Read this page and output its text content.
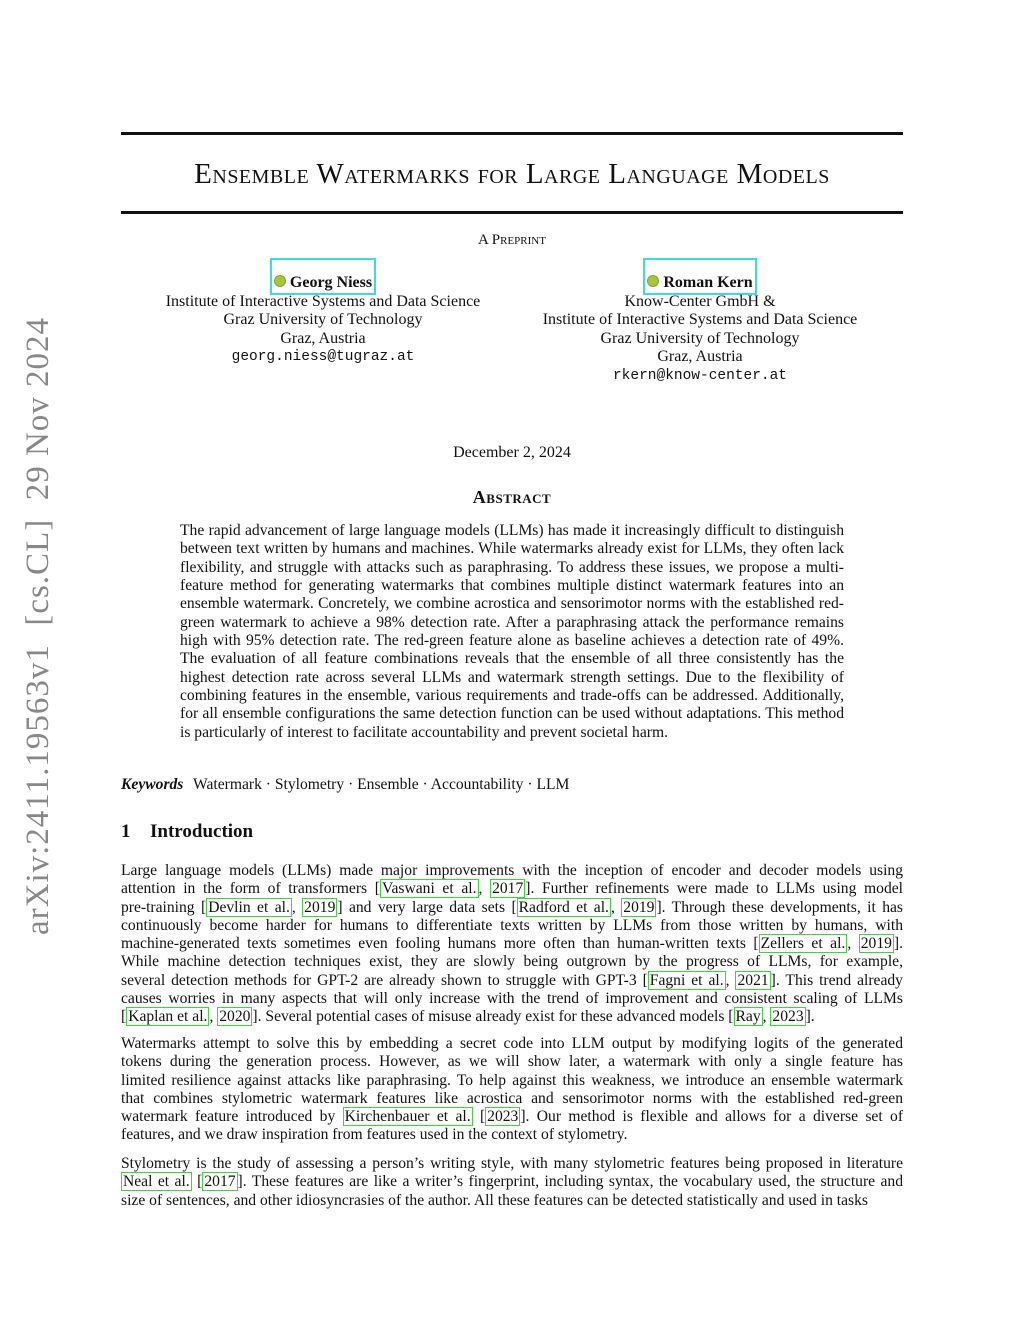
arXiv:2411.19563v1  [cs.CL]  29 Nov 2024
Ensemble Watermarks for Large Language Models
A Preprint
Georg Niess
Institute of Interactive Systems and Data Science
Graz University of Technology
Graz, Austria
georg.niess@tugraz.at
Roman Kern
Know-Center GmbH &
Institute of Interactive Systems and Data Science
Graz University of Technology
Graz, Austria
rkern@know-center.at
December 2, 2024
Abstract
The rapid advancement of large language models (LLMs) has made it increasingly difficult to distinguish between text written by humans and machines. While watermarks already exist for LLMs, they often lack flexibility, and struggle with attacks such as paraphrasing. To address these issues, we propose a multi-feature method for generating watermarks that combines multiple distinct watermark features into an ensemble watermark. Concretely, we combine acrostica and sensorimotor norms with the established red-green watermark to achieve a 98% detection rate. After a paraphrasing attack the performance remains high with 95% detection rate. The red-green feature alone as baseline achieves a detection rate of 49%. The evaluation of all feature combinations reveals that the ensemble of all three consistently has the highest detection rate across several LLMs and watermark strength settings. Due to the flexibility of combining features in the ensemble, various requirements and trade-offs can be addressed. Additionally, for all ensemble configurations the same detection function can be used without adaptations. This method is particularly of interest to facilitate accountability and prevent societal harm.
Keywords Watermark · Stylometry · Ensemble · Accountability · LLM
1 Introduction
Large language models (LLMs) made major improvements with the inception of encoder and decoder models using
attention in the form of transformers [ Vaswani et al. , 2017 ]. Further refinements were made to LLMs using model
pre-training [ Devlin et al. , 2019 ] and very large data sets [ Radford et al. , 2019 ]. Through these developments, it has
continuously become harder for humans to differentiate texts written by LLMs from those written by humans, with
machine-generated texts sometimes even fooling humans more often than human-written texts [ Zellers et al. , 2019 ].
While machine detection techniques exist, they are slowly being outgrown by the progress of LLMs, for example,
several detection methods for GPT-2 are already shown to struggle with GPT-3 [ Fagni et al. , 2021 ]. This trend already
causes worries in many aspects that will only increase with the trend of improvement and consistent scaling of LLMs
[ Kaplan et al. , 2020 ]. Several potential cases of misuse already exist for these advanced models [ Ray , 2023 ].
Watermarks attempt to solve this by embedding a secret code into LLM output by modifying logits of the generated
tokens during the generation process. However, as we will show later, a watermark with only a single feature has
limited resilience against attacks like paraphrasing. To help against this weakness, we introduce an ensemble watermark
that combines stylometric watermark features like acrostica and sensorimotor norms with the established red-green
watermark feature introduced by Kirchenbauer et al. [ 2023 ]. Our method is flexible and allows for a diverse set of
features, and we draw inspiration from features used in the context of stylometry.
Stylometry is the study of assessing a person’s writing style, with many stylometric features being proposed in literature
Neal et al. [ 2017 ]. These features are like a writer’s fingerprint, including syntax, the vocabulary used, the structure and
size of sentences, and other idiosyncrasies of the author. All these features can be detected statistically and used in tasks
